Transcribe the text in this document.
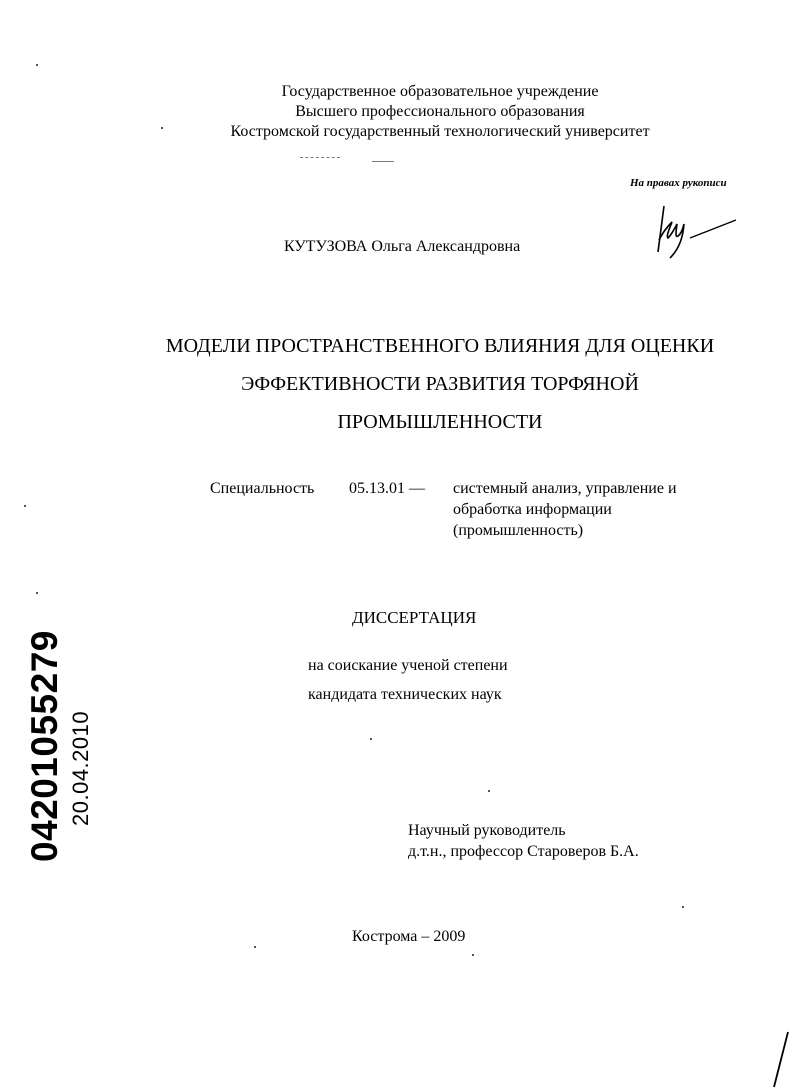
Государственное образовательное учреждение
Высшего профессионального образования
Костромской государственный технологический университет
На правах рукописи
КУТУЗОВА Ольга Александровна
МОДЕЛИ ПРОСТРАНСТВЕННОГО ВЛИЯНИЯ ДЛЯ ОЦЕНКИ
ЭФФЕКТИВНОСТИ РАЗВИТИЯ ТОРФЯНОЙ
ПРОМЫШЛЕННОСТИ
Специальность 05.13.01 — системный анализ, управление и
обработка информации
(промышленность)
ДИССЕРТАЦИЯ
на соискание ученой степени
кандидата технических наук
Научный руководитель
д.т.н., профессор Староверов Б.А.
Кострома – 2009
04201055279 20.04.2010
